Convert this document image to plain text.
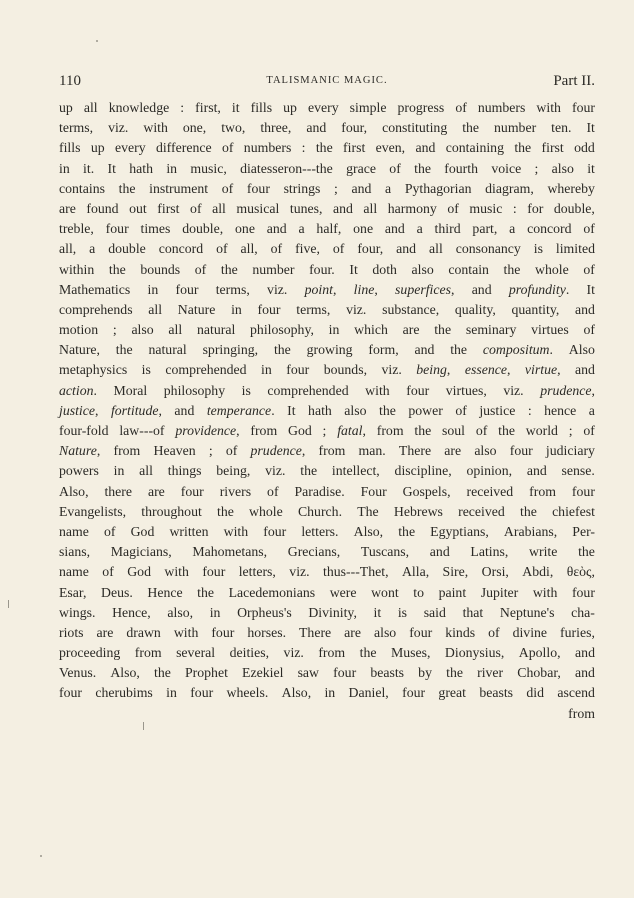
110	TALISMANIC MAGIC.	Part II.
up all knowledge : first, it fills up every simple progress of numbers with four
terms, viz. with one, two, three, and four, constituting the number ten. It
fills up every difference of numbers : the first even, and containing the first odd
in it. It hath in music, diatesseron---the grace of the fourth voice ; also it
contains the instrument of four strings ; and a Pythagorian diagram, whereby
are found out first of all musical tunes, and all harmony of music : for double,
treble, four times double, one and a half, one and a third part, a concord of
all, a double concord of all, of five, of four, and all consonancy is limited
within the bounds of the number four. It doth also contain the whole of
Mathematics in four terms, viz. point, line, superfices, and profundity. It
comprehends all Nature in four terms, viz. substance, quality, quantity, and
motion ; also all natural philosophy, in which are the seminary virtues of
Nature, the natural springing, the growing form, and the compositum. Also
metaphysics is comprehended in four bounds, viz. being, essence, virtue, and
action. Moral philosophy is comprehended with four virtues, viz. prudence,
justice, fortitude, and temperance. It hath also the power of justice : hence a
four-fold law---of providence, from God ; fatal, from the soul of the world ; of
Nature, from Heaven ; of prudence, from man. There are also four judiciary
powers in all things being, viz. the intellect, discipline, opinion, and sense.
Also, there are four rivers of Paradise. Four Gospels, received from four
Evangelists, throughout the whole Church. The Hebrews received the chiefest
name of God written with four letters. Also, the Egyptians, Arabians, Per-
sians, Magicians, Mahometans, Grecians, Tuscans, and Latins, write the
name of God with four letters, viz. thus---Thet, Alla, Sire, Orsi, Abdi, θεὸς,
Esar, Deus. Hence the Lacedemonians were wont to paint Jupiter with four
wings. Hence, also, in Orpheus's Divinity, it is said that Neptune's cha-
riots are drawn with four horses. There are also four kinds of divine furies,
proceeding from several deities, viz. from the Muses, Dionysius, Apollo, and
Venus. Also, the Prophet Ezekiel saw four beasts by the river Chobar, and
four cherubims in four wheels. Also, in Daniel, four great beasts did ascend
from
